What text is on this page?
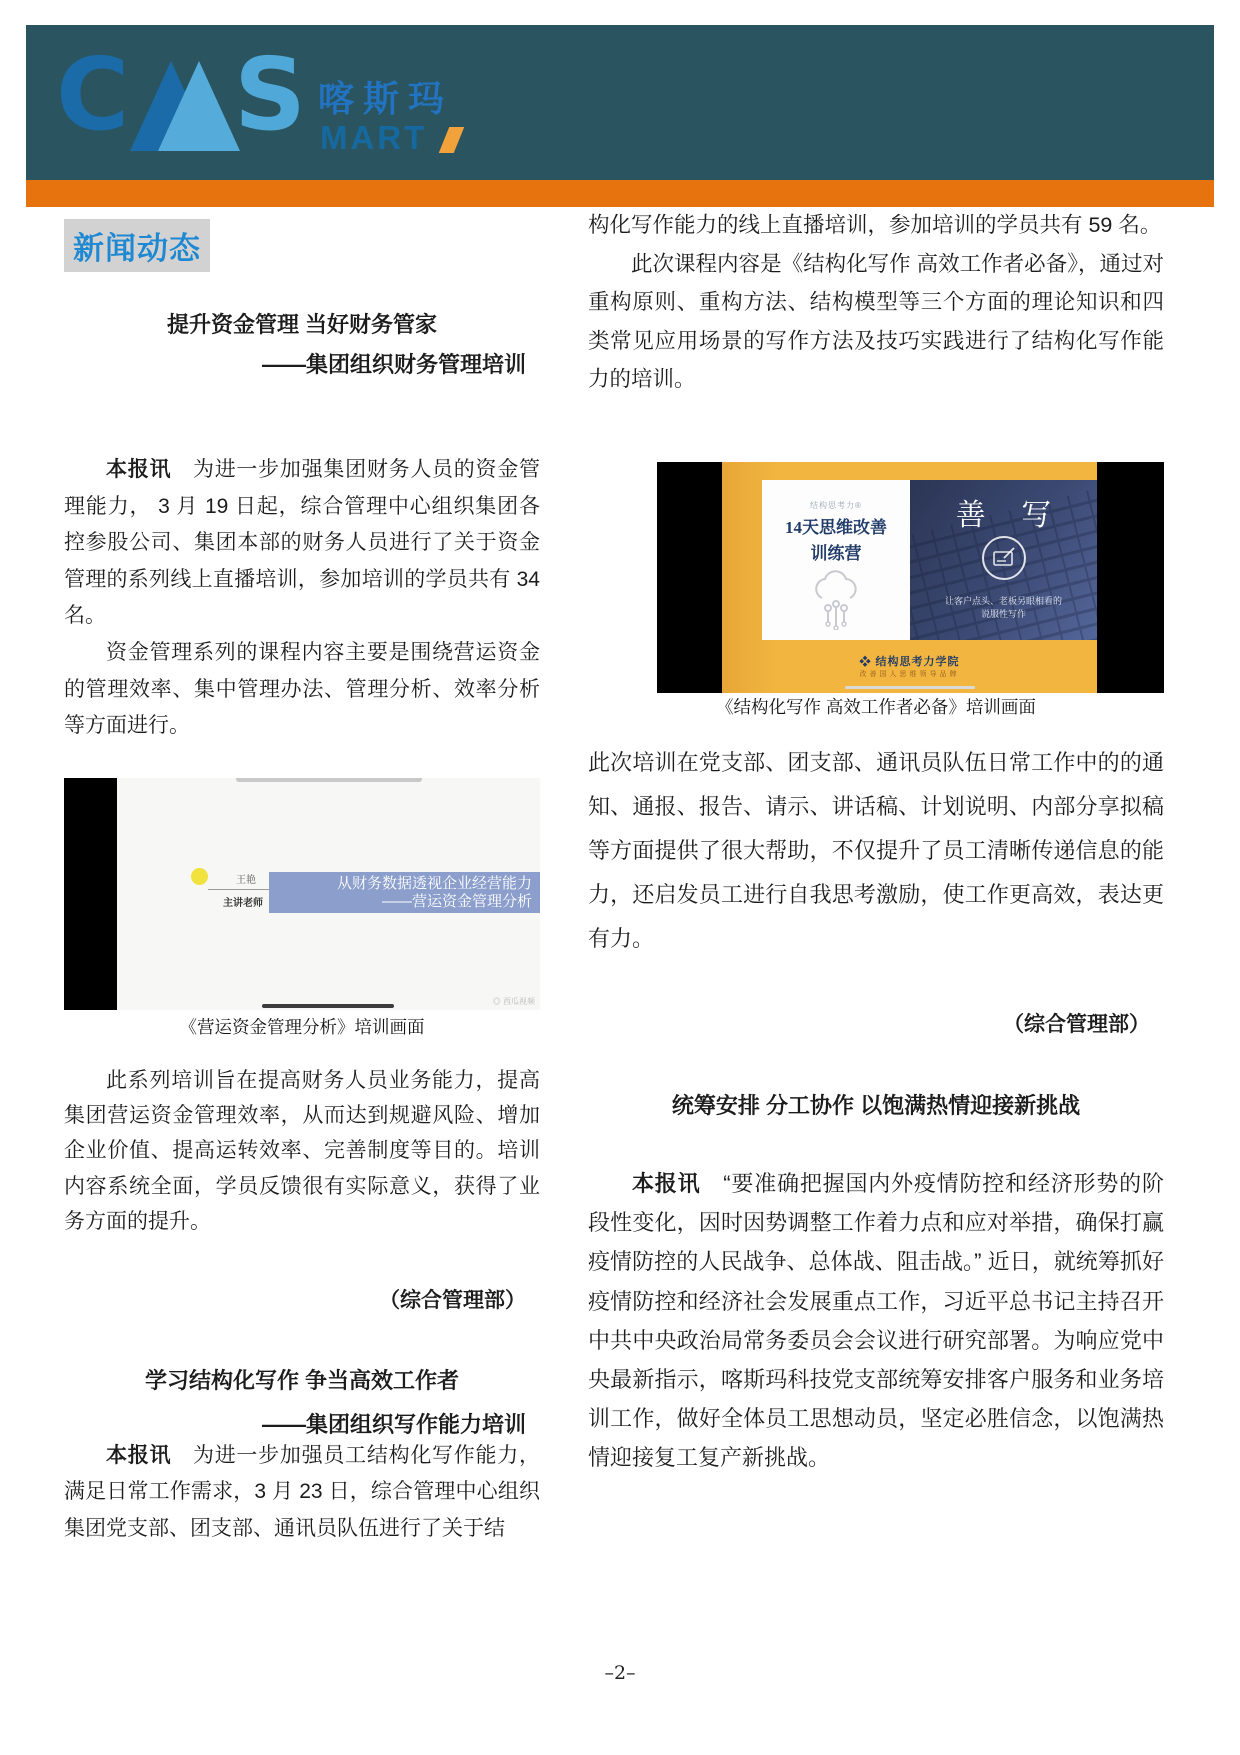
C S 喀斯玛
MART
新闻动态
提升资金管理 当好财务管家
——集团组织财务管理培训

本报讯　为进一步加强集团财务人员的资金管理能力， 3 月 19 日起，综合管理中心组织集团各控参股公司、集团本部的财务人员进行了关于资金管理的系列线上直播培训，参加培训的学员共有 34 名。

资金管理系列的课程内容主要是围绕营运资金的管理效率、集中管理办法、管理分析、效率分析等方面进行。

王艳
主讲老师
从财务数据透视企业经营能力
——营运资金管理分析
◎ 西瓜视频
《营运资金管理分析》培训画面
此系列培训旨在提高财务人员业务能力，提高集团营运资金管理效率，从而达到规避风险、增加企业价值、提高运转效率、完善制度等目的。培训内容系统全面，学员反馈很有实际意义，获得了业务方面的提升。
（综合管理部）
学习结构化写作 争当高效工作者
——集团组织写作能力培训
本报讯　为进一步加强员工结构化写作能力，满足日常工作需求，3 月 23 日，综合管理中心组织集团党支部、团支部、通讯员队伍进行了关于结

构化写作能力的线上直播培训，参加培训的学员共有 59 名。

此次课程内容是《结构化写作 高效工作者必备》，通过对重构原则、重构方法、结构模型等三个方面的理论知识和四类常见应用场景的写作方法及技巧实践进行了结构化写作能力的培训。

结构思考力®
14天思维改善
训练营
善 写
让客户点头、老板另眼相看的
说服性写作
❖ 结构思考力学院
改善国人思维领导品牌
《结构化写作 高效工作者必备》培训画面
此次培训在党支部、团支部、通讯员队伍日常工作中的的通知、通报、报告、请示、讲话稿、计划说明、内部分享拟稿等方面提供了很大帮助，不仅提升了员工清晰传递信息的能力，还启发员工进行自我思考激励，使工作更高效，表达更有力。
（综合管理部）
统筹安排 分工协作 以饱满热情迎接新挑战
本报讯　“要准确把握国内外疫情防控和经济形势的阶段性变化，因时因势调整工作着力点和应对举措，确保打赢疫情防控的人民战争、总体战、阻击战。” 近日，就统筹抓好疫情防控和经济社会发展重点工作，习近平总书记主持召开中共中央政治局常务委员会会议进行研究部署。为响应党中央最新指示，喀斯玛科技党支部统筹安排客户服务和业务培训工作，做好全体员工思想动员，坚定必胜信念，以饱满热情迎接复工复产新挑战。
–2–
